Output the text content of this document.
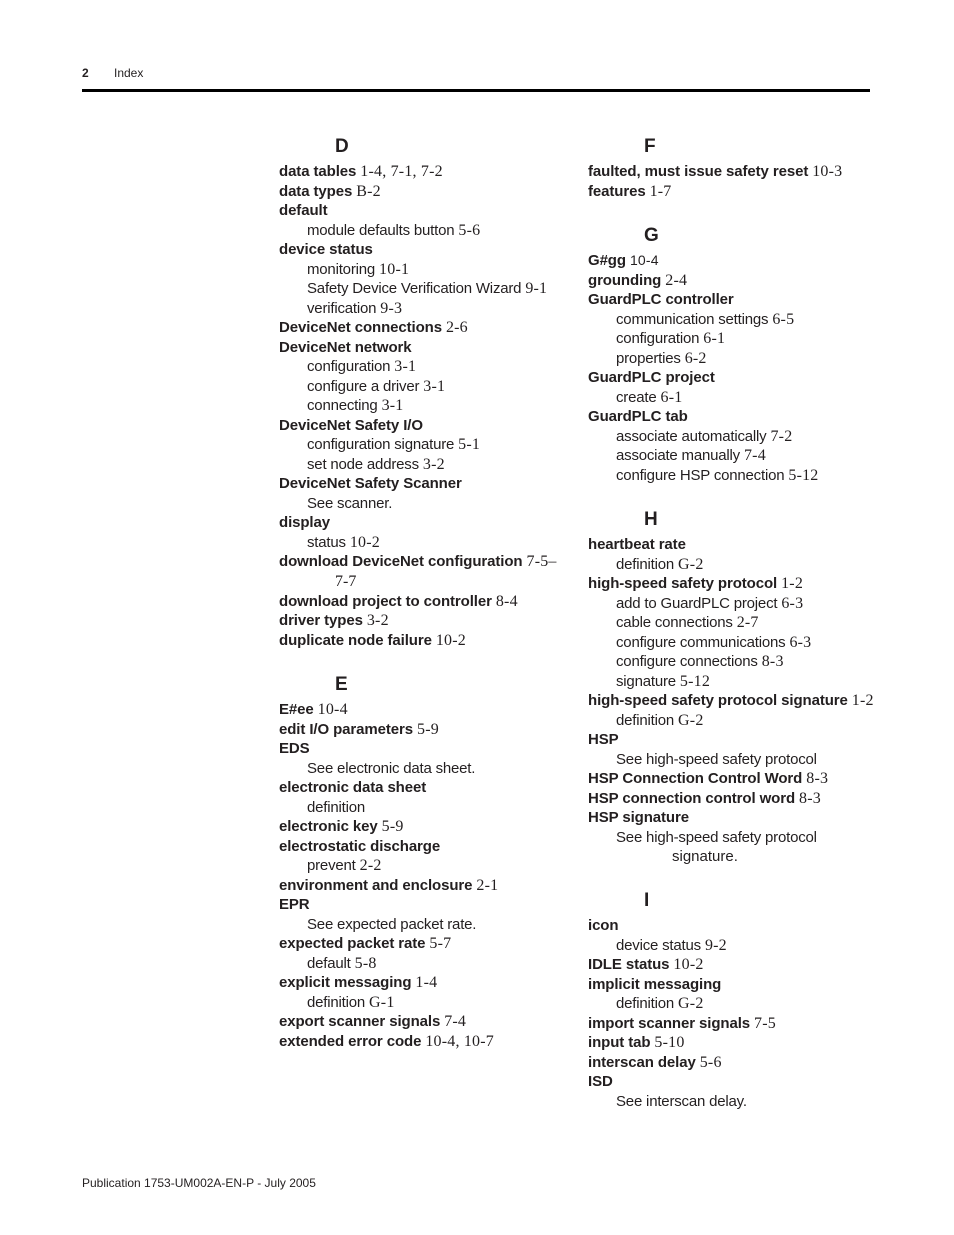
2 Index
D
data tables 1-4, 7-1, 7-2
data types B-2
default
module defaults button 5-6
device status
monitoring 10-1
Safety Device Verification Wizard 9-1
verification 9-3
DeviceNet connections 2-6
DeviceNet network
configuration 3-1
configure a driver 3-1
connecting 3-1
DeviceNet Safety I/O
configuration signature 5-1
set node address 3-2
DeviceNet Safety Scanner
See scanner.
display
status 10-2
download DeviceNet configuration 7-5–
7-7
download project to controller 8-4
driver types 3-2
duplicate node failure 10-2
E
E#ee 10-4
edit I/O parameters 5-9
EDS
See electronic data sheet.
electronic data sheet
definition
electronic key 5-9
electrostatic discharge
prevent 2-2
environment and enclosure 2-1
EPR
See expected packet rate.
expected packet rate 5-7
default 5-8
explicit messaging 1-4
definition G-1
export scanner signals 7-4
extended error code 10-4, 10-7
F
faulted, must issue safety reset 10-3
features 1-7
G
G#gg 10-4
grounding 2-4
GuardPLC controller
communication settings 6-5
configuration 6-1
properties 6-2
GuardPLC project
create 6-1
GuardPLC tab
associate automatically 7-2
associate manually 7-4
configure HSP connection 5-12
H
heartbeat rate
definition G-2
high-speed safety protocol 1-2
add to GuardPLC project 6-3
cable connections 2-7
configure communications 6-3
configure connections 8-3
signature 5-12
high-speed safety protocol signature 1-2
definition G-2
HSP
See high-speed safety protocol
HSP Connection Control Word 8-3
HSP connection control word 8-3
HSP signature
See high-speed safety protocol
signature.
I
icon
device status 9-2
IDLE status 10-2
implicit messaging
definition G-2
import scanner signals 7-5
input tab 5-10
interscan delay 5-6
ISD
See interscan delay.
Publication 1753-UM002A-EN-P - July 2005
